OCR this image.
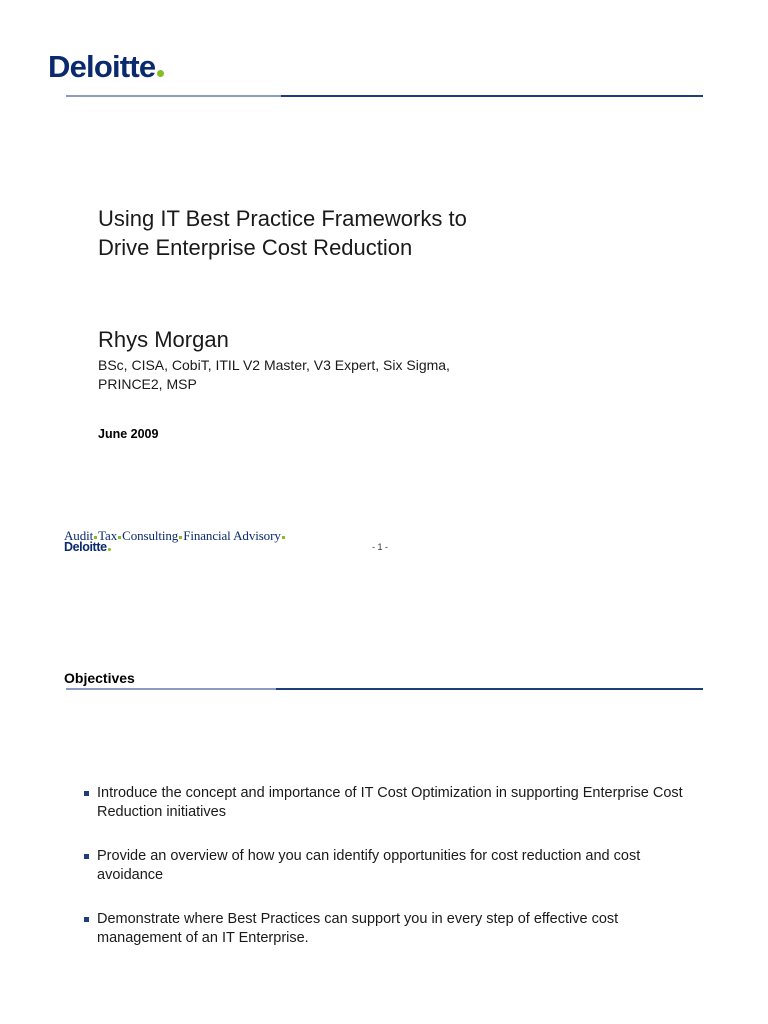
Deloitte
Using IT Best Practice Frameworks to
Drive Enterprise Cost Reduction
Rhys Morgan
BSc, CISA, CobiT, ITIL V2 Master, V3 Expert, Six Sigma,
PRINCE2, MSP
June 2009
Audit Tax Consulting Financial Advisory
Deloitte	- 1 -
Objectives
Introduce the concept and importance of IT Cost Optimization in supporting Enterprise Cost Reduction initiatives
Provide an overview of how you can identify opportunities for cost reduction and cost avoidance
Demonstrate where Best Practices can support you in every step of effective cost management of an IT Enterprise.
